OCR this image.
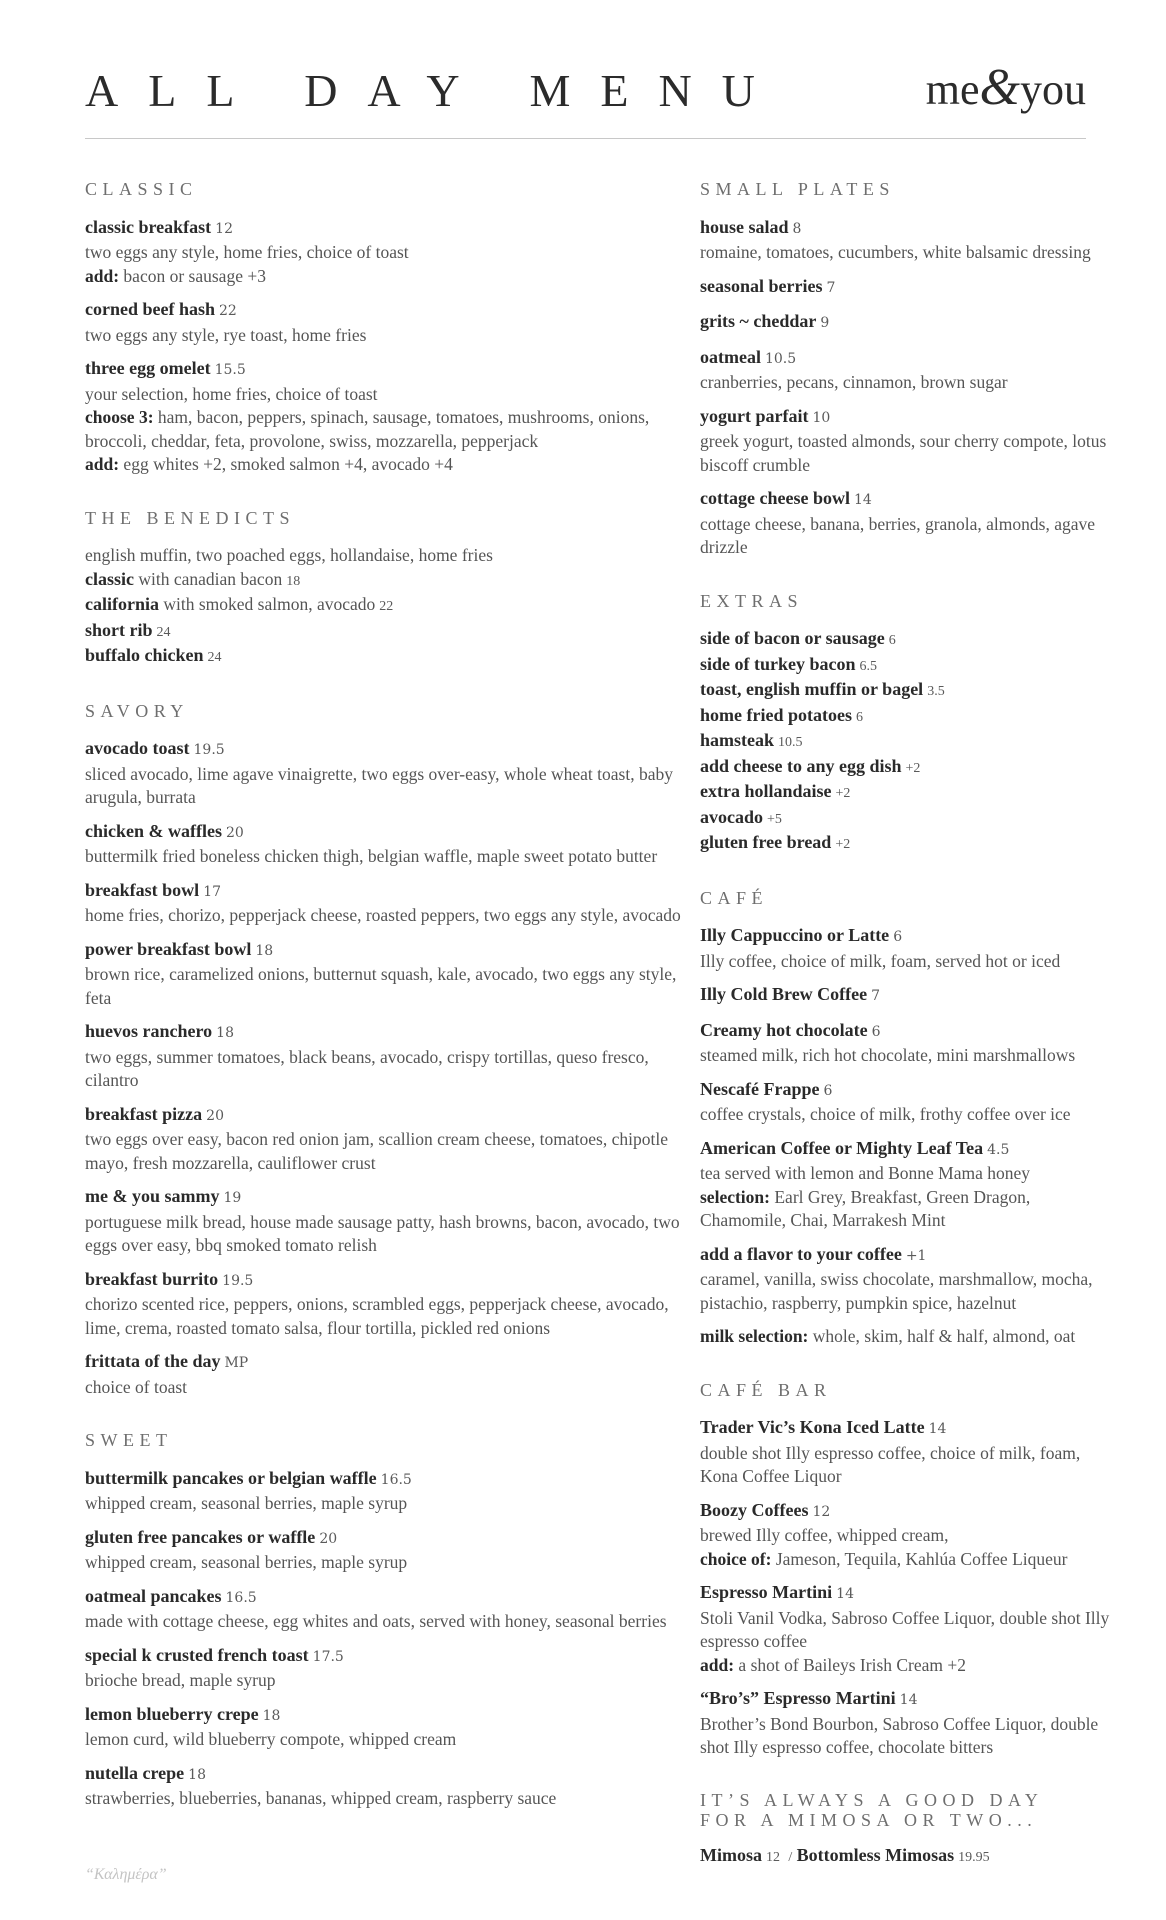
ALL DAY MENU	me&you
CLASSIC
classic breakfast 12
two eggs any style, home fries, choice of toast
add: bacon or sausage +3
corned beef hash 22
two eggs any style, rye toast, home fries
three egg omelet 15.5
your selection, home fries, choice of toast
choose 3: ham, bacon, peppers, spinach, sausage, tomatoes, mushrooms, onions, broccoli, cheddar, feta, provolone, swiss, mozzarella, pepperjack
add: egg whites +2, smoked salmon +4, avocado +4
THE BENEDICTS
english muffin, two poached eggs, hollandaise, home fries
classic with canadian bacon 18
california with smoked salmon, avocado 22
short rib 24
buffalo chicken 24
SAVORY
avocado toast 19.5
sliced avocado, lime agave vinaigrette, two eggs over-easy, whole wheat toast, baby arugula, burrata
chicken & waffles 20
buttermilk fried boneless chicken thigh, belgian waffle, maple sweet potato butter
breakfast bowl 17
home fries, chorizo, pepperjack cheese, roasted peppers, two eggs any style, avocado
power breakfast bowl 18
brown rice, caramelized onions, butternut squash, kale, avocado, two eggs any style, feta
huevos ranchero 18
two eggs, summer tomatoes, black beans, avocado, crispy tortillas, queso fresco, cilantro
breakfast pizza 20
two eggs over easy, bacon red onion jam, scallion cream cheese, tomatoes, chipotle mayo, fresh mozzarella, cauliflower crust
me & you sammy 19
portuguese milk bread, house made sausage patty, hash browns, bacon, avocado, two eggs over easy, bbq smoked tomato relish
breakfast burrito 19.5
chorizo scented rice, peppers, onions, scrambled eggs, pepperjack cheese, avocado, lime, crema, roasted tomato salsa, flour tortilla, pickled red onions
frittata of the day MP
choice of toast
SWEET
buttermilk pancakes or belgian waffle 16.5
whipped cream, seasonal berries, maple syrup
gluten free pancakes or waffle 20
whipped cream, seasonal berries, maple syrup
oatmeal pancakes 16.5
made with cottage cheese, egg whites and oats, served with honey, seasonal berries
special k crusted french toast 17.5
brioche bread, maple syrup
lemon blueberry crepe 18
lemon curd, wild blueberry compote, whipped cream
nutella crepe 18
strawberries, blueberries, bananas, whipped cream, raspberry sauce
SMALL PLATES
house salad 8
romaine, tomatoes, cucumbers, white balsamic dressing
seasonal berries 7
grits ~ cheddar 9
oatmeal 10.5
cranberries, pecans, cinnamon, brown sugar
yogurt parfait 10
greek yogurt, toasted almonds, sour cherry compote, lotus biscoff crumble
cottage cheese bowl 14
cottage cheese, banana, berries, granola, almonds, agave drizzle
EXTRAS
side of bacon or sausage 6
side of turkey bacon 6.5
toast, english muffin or bagel 3.5
home fried potatoes 6
hamsteak 10.5
add cheese to any egg dish +2
extra hollandaise +2
avocado +5
gluten free bread +2
CAFÉ
Illy Cappuccino or Latte 6
Illy coffee, choice of milk, foam, served hot or iced
Illy Cold Brew Coffee 7
Creamy hot chocolate 6
steamed milk, rich hot chocolate, mini marshmallows
Nescafé Frappe 6
coffee crystals, choice of milk, frothy coffee over ice
American Coffee or Mighty Leaf Tea 4.5
tea served with lemon and Bonne Mama honey
selection: Earl Grey, Breakfast, Green Dragon, Chamomile, Chai, Marrakesh Mint
add a flavor to your coffee +1
caramel, vanilla, swiss chocolate, marshmallow, mocha, pistachio, raspberry, pumpkin spice, hazelnut
milk selection: whole, skim, half & half, almond, oat
CAFÉ BAR
Trader Vic’s Kona Iced Latte 14
double shot Illy espresso coffee, choice of milk, foam, Kona Coffee Liquor
Boozy Coffees 12
brewed Illy coffee, whipped cream,
choice of: Jameson, Tequila, Kahlúa Coffee Liqueur
Espresso Martini 14
Stoli Vanil Vodka, Sabroso Coffee Liquor, double shot Illy espresso coffee
add: a shot of Baileys Irish Cream +2
“Bro’s” Espresso Martini 14
Brother’s Bond Bourbon, Sabroso Coffee Liquor, double shot Illy espresso coffee, chocolate bitters
IT’S ALWAYS A GOOD DAY
FOR A MIMOSA OR TWO...
Mimosa 12 / Bottomless Mimosas 19.95
“Καλημέρα”
